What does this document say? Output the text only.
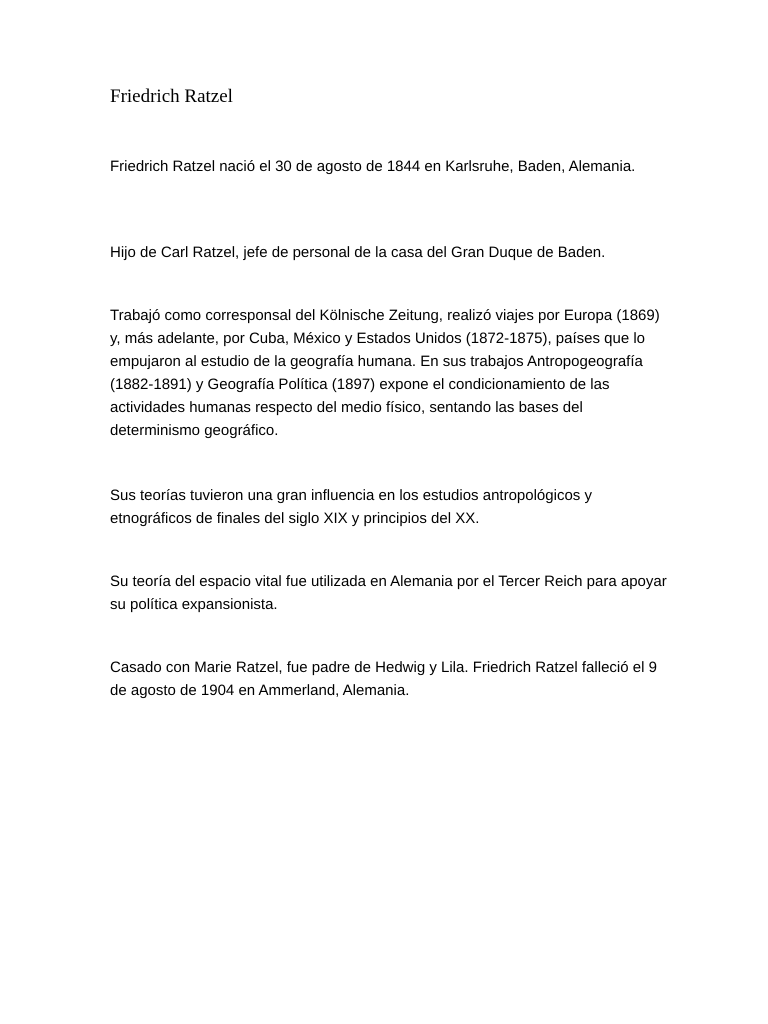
Friedrich Ratzel

Friedrich Ratzel nació el 30 de agosto de 1844 en Karlsruhe, Baden, Alemania.

Hijo de Carl Ratzel, jefe de personal de la casa del Gran Duque de Baden.

Trabajó como corresponsal del Kölnische Zeitung, realizó viajes por Europa (1869) y, más adelante, por Cuba, México y Estados Unidos (1872-1875), países que lo empujaron al estudio de la geografía humana. En sus trabajos Antropogeografía (1882-1891) y Geografía Política (1897) expone el condicionamiento de las actividades humanas respecto del medio físico, sentando las bases del determinismo geográfico.

Sus teorías tuvieron una gran influencia en los estudios antropológicos y etnográficos de finales del siglo XIX y principios del XX.

Su teoría del espacio vital fue utilizada en Alemania por el Tercer Reich para apoyar su política expansionista.

Casado con Marie Ratzel, fue padre de Hedwig y Lila. Friedrich Ratzel falleció el 9 de agosto de 1904 en Ammerland, Alemania.
